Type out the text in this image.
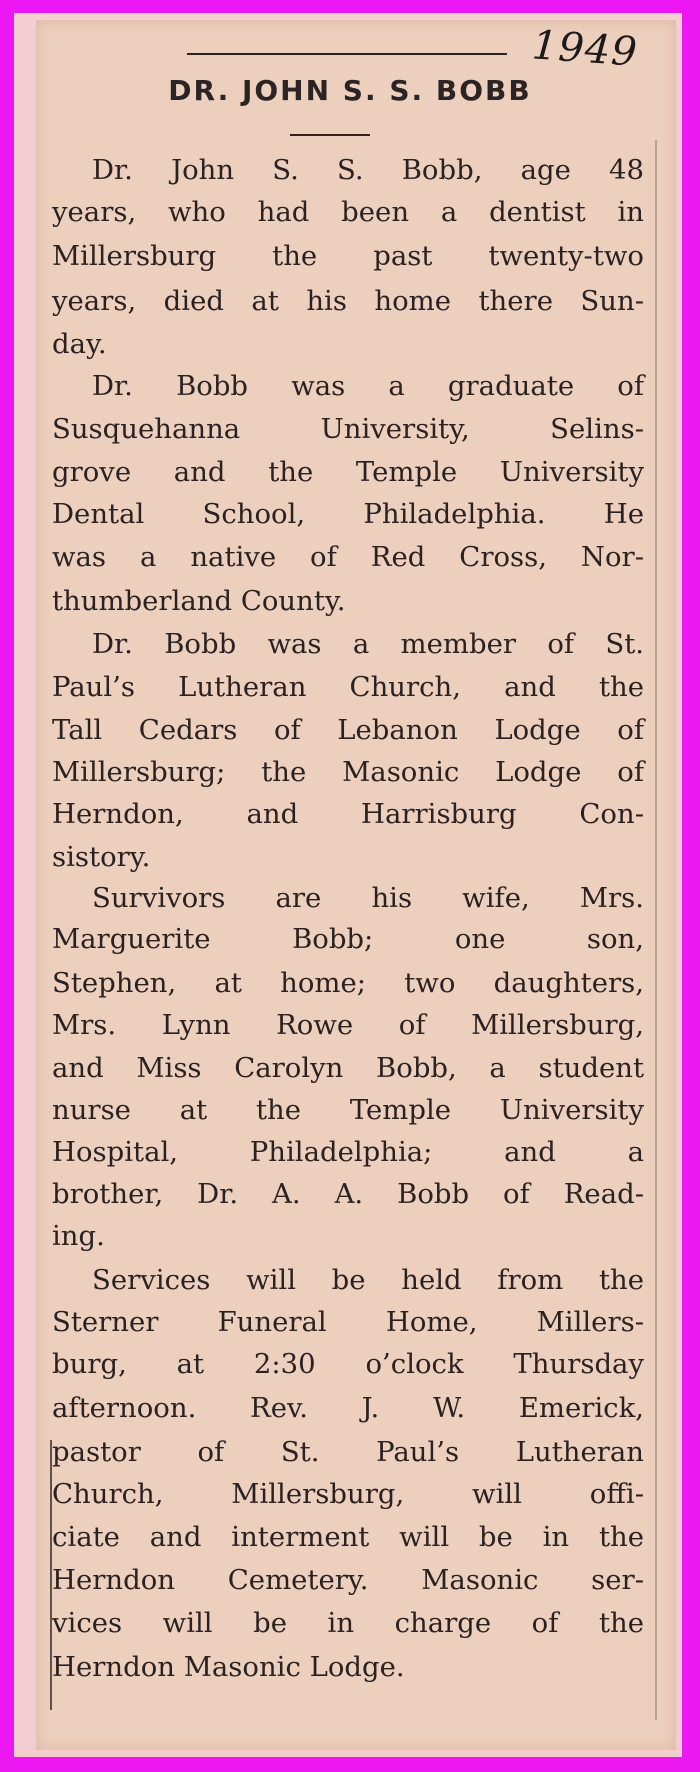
1949
DR. JOHN S. S. BOBB
Dr. John S. S. Bobb, age 48
years, who had been a dentist in
Millersburg the past twenty-two
years, died at his home there Sun-
day.
Dr. Bobb was a graduate of
Susquehanna University, Selins-
grove and the Temple University
Dental School, Philadelphia. He
was a native of Red Cross, Nor-
thumberland County.
Dr. Bobb was a member of St.
Paul’s Lutheran Church, and the
Tall Cedars of Lebanon Lodge of
Millersburg; the Masonic Lodge of
Herndon, and Harrisburg Con-
sistory.
Survivors are his wife, Mrs.
Marguerite Bobb; one son,
Stephen, at home; two daughters,
Mrs. Lynn Rowe of Millersburg,
and Miss Carolyn Bobb, a student
nurse at the Temple University
Hospital, Philadelphia; and a
brother, Dr. A. A. Bobb of Read-
ing.
Services will be held from the
Sterner Funeral Home, Millers-
burg, at 2:30 o’clock Thursday
afternoon. Rev. J. W. Emerick,
pastor of St. Paul’s Lutheran
Church, Millersburg, will offi-
ciate and interment will be in the
Herndon Cemetery. Masonic ser-
vices will be in charge of the
Herndon Masonic Lodge.
